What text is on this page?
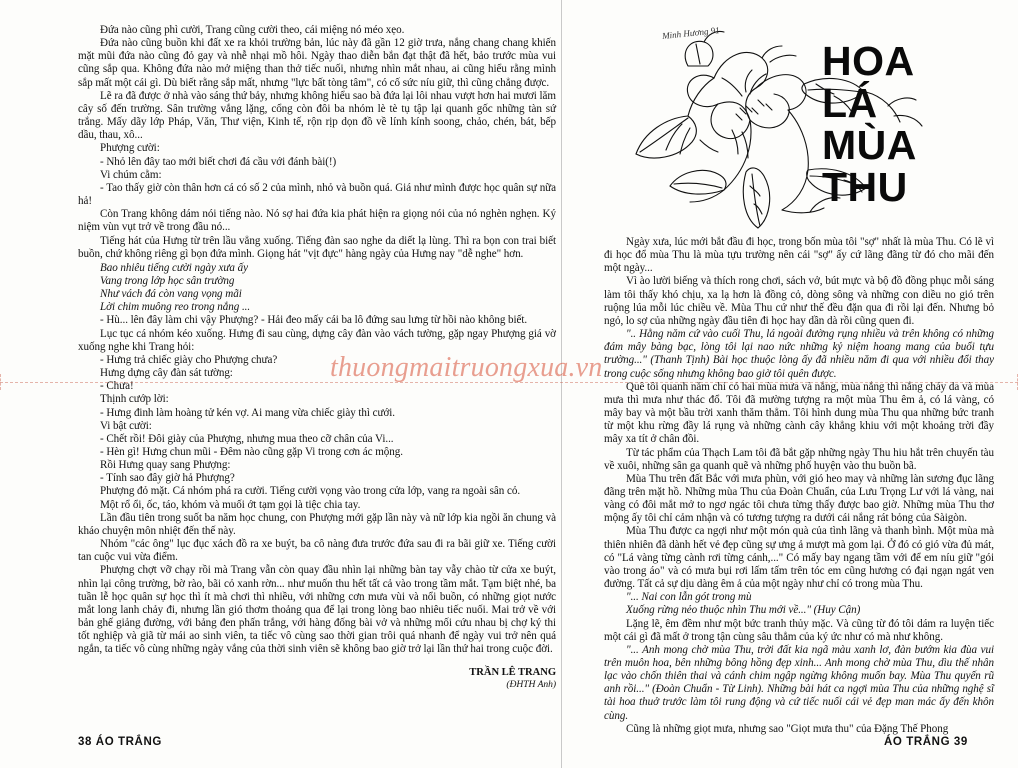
Đứa nào cũng phì cười, Trang cũng cười theo, cái miệng nó méo xẹo.

Đứa nào cũng buồn khi đất xe ra khỏi trường bản, lúc này đã gần 12 giờ trưa, nắng chang chang khiến mặt mũi đứa nào cũng đỏ gay và nhễ nhại mồ hôi. Ngày thao diễn bắn đạt thật đã hết, bảo trước mùa vui cũng sắp qua. Không đứa nào mở miệng than thở tiếc nuối, nhưng nhìn mắt nhau, ai cũng hiểu rằng mình sắp mất một cái gì. Dù biết rằng sắp mất, nhưng "lực bất tòng tâm", có cố sức níu giữ, thì cũng chẳng được.

Lẽ ra đã được ở nhà vào sáng thứ bảy, nhưng không hiểu sao bà đứa lại lôi nhau vượt hơn hai mươi lăm cây số đến trường. Sân trường vắng lặng, cổng còn đôi ba nhóm lè tè tụ tập lại quanh gốc những tàn sứ trắng. Mấy dãy lớp Pháp, Văn, Thư viện, Kinh tế, rộn rịp dọn đồ về lính kính soong, chảo, chén, bát, bếp dầu, thau, xô...

Phượng cười:

- Nhỏ lên đây tao mới biết chơi đá cầu với đánh bài(!)

Vi chúm cằm:

- Tao thấy giờ còn thân hơn cá có số 2 của mình, nhỏ và buồn quá. Giá như mình được học quân sự nữa hả!

Còn Trang không dám nói tiếng nào. Nó sợ hai đứa kia phát hiện ra giọng nói của nó nghèn nghẹn. Ký niệm vùn vụt trở về trong đầu nó...

Tiếng hát của Hưng từ trên lầu vẳng xuống. Tiếng đàn sao nghe da diết lạ lùng. Thì ra bọn con trai biết buồn, chứ không riêng gì bọn đứa mình. Giọng hát "vịt đực" hàng ngày của Hưng nay "dễ nghe" hơn.

Bao nhiêu tiếng cười ngày xưa ấy

Vang trong lớp học sân trường

Như vách đá còn vang vọng mãi

Lời chim muông reo trong nắng ...

- Hù... lên đây làm chi vậy Phượng? - Hải đeo mấy cái ba lô đứng sau lưng từ hồi nào không biết.

Lục tục cá nhóm kéo xuống. Hưng đi sau cùng, dựng cây đàn vào vách tường, gặp ngay Phượng giá vờ xuống nghe khi Trang hỏi:

- Hưng trả chiếc giày cho Phượng chưa?

Hưng dựng cây đàn sát tường:

- Chưa!

Thịnh cướp lời:

- Hưng đinh làm hoàng tử kén vợ. Ai mang vừa chiếc giày thì cưới.

Vi bật cười:

- Chết rồi! Đôi giày của Phượng, nhưng mua theo cỡ chân của Vi...

- Hèn gì! Hưng chun mũi - Đêm nào cũng gặp Vi trong cơn ác mộng.

Rồi Hưng quay sang Phượng:

- Tính sao đây giờ hả Phượng?

Phượng đỏ mặt. Cá nhóm phá ra cười. Tiếng cười vọng vào trong cửa lớp, vang ra ngoài sân cỏ.

Một rổ ổi, ốc, táo, khóm và muối ớt tạm gọi là tiệc chia tay.

Lần đầu tiên trong suốt ba năm học chung, con Phượng mới gặp lần này và nữ lớp kia ngồi ăn chung và kháo chuyện môn nhiệt đến thế này.

Nhóm "các ông" lục đục xách đồ ra xe buýt, ba cô nàng đưa trước đứa sau đi ra bãi giữ xe. Tiếng cười tan cuộc vui vừa điểm.

Phượng chợt vỡ chạy rồi mà Trang vẫn còn quay đầu nhìn lại những bàn tay vẫy chào từ cửa xe buýt, nhìn lại công trường, bờ rào, bãi cỏ xanh rờn... như muốn thu hết tất cả vào trong tầm mắt. Tạm biệt nhé, ba tuần lễ học quân sự học thì ít mà chơi thì nhiều, với những cơn mưa vùi và nổi buồn, có những giọt nước mắt long lanh chảy đi, nhưng lần gió thơm thoảng qua để lại trong lòng bao nhiêu tiếc nuối. Mai trở về với bản ghế giảng đường, với bảng đen phấn trắng, với hàng đống bài vở và những mối cứu nhau bị chợ ký thi tốt nghiệp và giã từ mái ao sinh viên, ta tiếc vô cùng sao thời gian trôi quá nhanh để ngày vui trở nên quá ngắn, ta tiếc vô cùng những ngày vắng của thời sinh viên sẽ không bao giờ trở lại lần thứ hai trong cuộc đời.

TRẦN LÊ TRANG
(ĐHTH Anh)
38 ÁO TRẮNG
Minh Hương 91
HOA
LÁ
MÙA
THU

Ngày xưa, lúc mới bắt đầu đi học, trong bốn mùa tôi "sợ" nhất là mùa Thu. Có lẽ vì đi học đổ mùa Thu là mùa tựu trường nên cái "sợ" ấy cứ lãng đãng từ đó cho mãi đến một ngày...

Vì ào lười biếng và thích rong chơi, sách vở, bút mực và bộ đồ đồng phục mỗi sáng làm tôi thấy khó chịu, xa lạ hơn là đồng cỏ, dòng sông và những con diều no gió trên ruộng lúa mỗi lúc chiều về. Mùa Thu cứ như thế đều đặn qua đi rồi lại đến. Nhưng bỏ ngỏ, lo sợ của những ngày đầu tiên đi học hay dần dà rồi cũng quen đi.

".. Hằng năm cứ vào cuối Thu, lá ngoài đường rụng nhiều và trên không có những đám mây bàng bạc, lòng tôi lại nao nức những kỷ niệm hoang mang của buổi tựu trường..." (Thanh Tịnh) Bài học thuộc lòng ấy đã nhiều năm đi qua với nhiều đổi thay trong cuộc sống nhưng không bao giờ tôi quên được.

Quê tôi quanh năm chỉ có hai mùa mưa và nắng, mùa nắng thì nắng cháy da và mùa mưa thì mưa như thác đổ. Tôi đã mường tượng ra một mùa Thu êm ả, có lá vàng, có mây bay và một bầu trời xanh thăm thẳm. Tôi hình dung mùa Thu qua những bức tranh từ một khu rừng đầy lá rụng và những cành cây khẳng khiu với một khoảng trời đầy mây xa tít ở chân đồi.

Từ tác phẩm của Thạch Lam tôi đã bắt gặp những ngày Thu hiu hắt trên chuyến tàu về xuôi, những sân ga quanh quẽ và những phố huyện vào thu buồn bã.

Mùa Thu trên đất Bắc với mưa phùn, với gió heo may và những làn sương đục lãng đãng trên mặt hồ. Những mùa Thu của Đoàn Chuẩn, của Lưu Trọng Lư với lá vàng, nai vàng có đôi mắt mở to ngơ ngác tôi chưa từng thấy được bao giờ. Những mùa Thu thơ mộng ấy tôi chỉ cảm nhận và có tương tượng ra dưới cái nắng rát bỏng của Sàigòn.

Mùa Thu được ca ngợi như một món quà của tình lãng và thanh bình. Một mùa mà thiên nhiên đã dành hết vẻ đẹp cũng sự ưng ả mượt mà gom lại. Ở đó có gió vừa đủ mát, có "Lá vàng từng cành rơi từng cánh,..." Có mấy bay ngang tầm với để em níu giữ "gói vào trong áo" và có mưa bụi rơi lấm tấm trên tóc em cũng hương có đại ngạn ngát ven đường. Tất cả sự dịu dàng êm ả của một ngày như chỉ có trong mùa Thu.

"... Nai con lẫn gót trong mù

Xuống rừng nẻo thuộc nhìn Thu mới về..." (Huy Cận)

Lặng lẽ, êm đềm như một bức tranh thủy mặc. Và cũng từ đó tôi dám ra luyện tiếc một cái gì đã mất ở trong tận cùng sâu thẳm của ký ức như có mà như không.

"... Anh mong chờ mùa Thu, trời đất kia ngã màu xanh lơ, đàn bướm kia đùa vui trên muôn hoa, bên những bông hồng đẹp xinh... Anh mong chờ mùa Thu, dìu thế nhân lạc vào chốn thiên thai và cánh chim ngập ngừng không muốn bay. Mùa Thu quyến rũ anh rồi..." (Đoàn Chuẩn - Từ Linh). Những bài hát ca ngợi mùa Thu của những nghệ sĩ tài hoa thuở trước làm tôi rung động và cứ tiếc nuối cái vẻ đẹp man mác ấy đến khôn cùng.

Cũng là những giọt mưa, nhưng sao "Giọt mưa thu" của Đặng Thế Phong

ÁO TRẮNG 39
thuongmaitruongxua.vn
